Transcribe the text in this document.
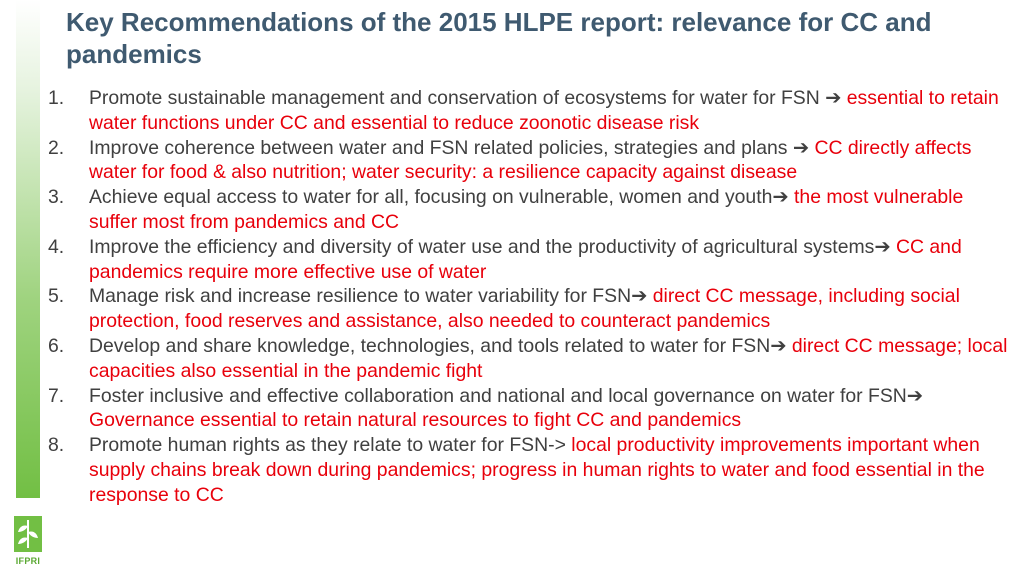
IFPRI
Key Recommendations of the 2015 HLPE report: relevance for CC and pandemics
1. Promote sustainable management and conservation of ecosystems for water for FSN ➔ essential to retain water functions under CC and essential to reduce zoonotic disease risk
2. Improve coherence between water and FSN related policies, strategies and plans ➔ CC directly affects water for food & also nutrition; water security: a resilience capacity against disease
3. Achieve equal access to water for all, focusing on vulnerable, women and youth➔ the most vulnerable suffer most from pandemics and CC
4. Improve the efficiency and diversity of water use and the productivity of agricultural systems➔ CC and pandemics require more effective use of water
5. Manage risk and increase resilience to water variability for FSN➔ direct CC message, including social protection, food reserves and assistance, also needed to counteract pandemics
6. Develop and share knowledge, technologies, and tools related to water for FSN➔ direct CC message; local capacities also essential in the pandemic fight
7. Foster inclusive and effective collaboration and national and local governance on water for FSN➔ Governance essential to retain natural resources to fight CC and pandemics
8. Promote human rights as they relate to water for FSN-> local productivity improvements important when supply chains break down during pandemics; progress in human rights to water and food essential in the response to CC
